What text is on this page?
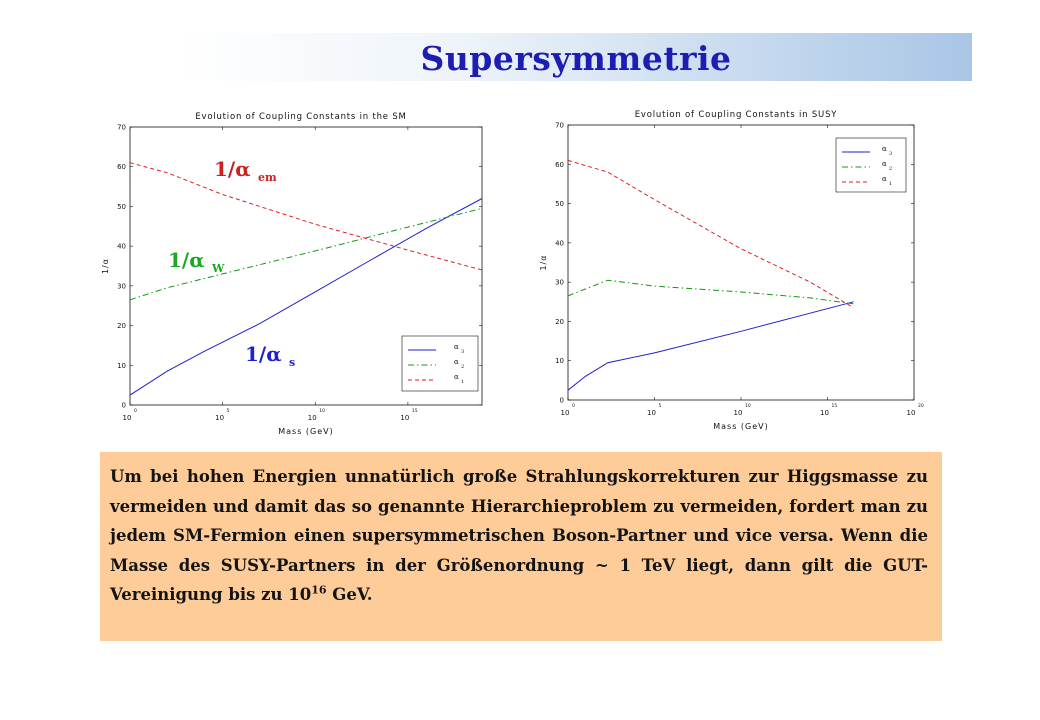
Supersymmetrie
Evolution of Coupling Constants in the SM
0
10
20
30
40
50
60
70
10
0
10
5
10
10
10
15
Mass (GeV)
1/α
α
3
α
2
α
1
1/α em
1/α W
1/α s
Evolution of Coupling Constants in SUSY
0
10
20
30
40
50
60
70
10
0
10
5
10
10
10
15
10
20
Mass (GeV)
1/α
α
3
α
2
α
1

Um bei hohen Energien unnatürlich große Strahlungskorrekturen zur Higgsmasse zu vermeiden und damit das so genannte Hierarchieproblem zu vermeiden, fordert man zu jedem SM-Fermion einen supersymmetrischen Boson-Partner und vice versa. Wenn die Masse des SUSY-Partners in der Größenordnung ~ 1 TeV liegt, dann gilt die GUT-Vereinigung bis zu $10^{16}$ GeV.
